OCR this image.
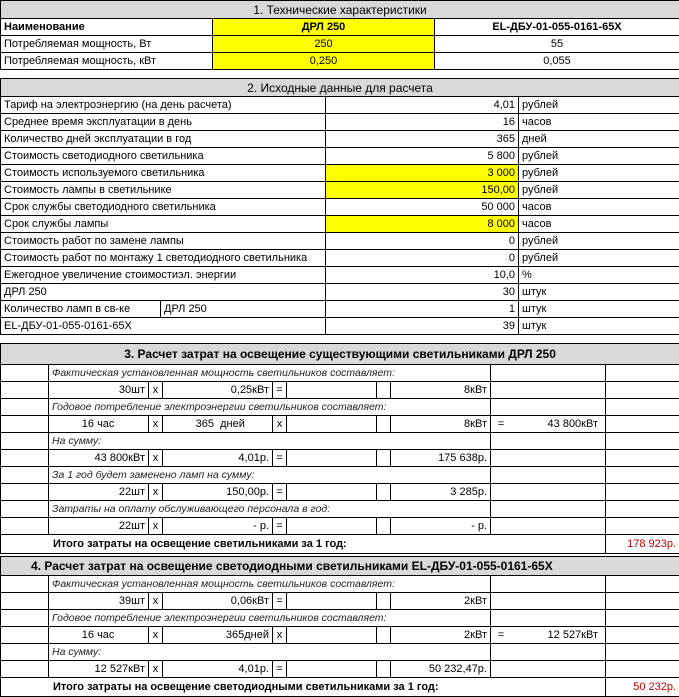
1. Технические характеристики		
Наименование	ДРЛ 250	EL-ДБУ-01-055-0161-65Х
Потребляемая мощность, Вт	250	55
Потребляемая мощность, кВт	0,250	0,055
2. Исходные данные для расчета			
Тариф на электроэнергию (на день расчета)		4,01	рублей
Среднее время эксплуатации в день		16	часов
Количество дней эксплуатации в год		365	дней
Стоимость светодиодного светильника		5 800	рублей
Стоимость используемого светильника		3 000	рублей
Стоимость лампы в светильнике		150,00	рублей
Срок службы светодиодного светильника		50 000	часов
Срок службы лампы		8 000	часов
Стоимость работ по замене лампы		0	рублей
Стоимость работ по монтажу 1 светодиодного светильника		0	рублей
Ежегодное увеличение стоимостиэл. энергии		10,0	%
ДРЛ 250		30	штук
Количество ламп в св-ке	ДРЛ 250	1	штук
EL-ДБУ-01-055-0161-65Х		39	штук
3. Расчет затрат на освещение существующими светильниками ДРЛ 250									
	Фактическая установленная мощность светильников составляет:								
	30шт	x	0,25кВт	=			8кВт		
	Годовое потребление электроэнергии светильников составляет:								
	16 час	x	365 дней	x			8кВт	= 43 800кВт	
	На сумму:								
	43 800кВт	x	4,01р.	=			175 638р.		
	За 1 год будет заменено ламп на сумму:								
	22шт	x	150,00р.	=			3 285р.		
	Затраты на оплату обслуживающего персонала в год:								
	22шт	x	- р.	=			- р.		
Итого затраты на освещение светильниками за 1 год:									178 923р.
4. Расчет затрат на освещение светодиодными светильниками EL-ДБУ-01-055-0161-65Х									
	Фактическая установленная мощность светильников составляет:								
	39шт	x	0,06кВт	=			2кВт		
	Годовое потребление электроэнергии светильников составляет:								
	16 час	x	365дней	x			2кВт	= 12 527кВт	
	На сумму:								
	12 527кВт	x	4,01р.	=			50 232,47р.		
Итого затраты на освещение светодиодными светильниками за 1 год:									50 232р.
